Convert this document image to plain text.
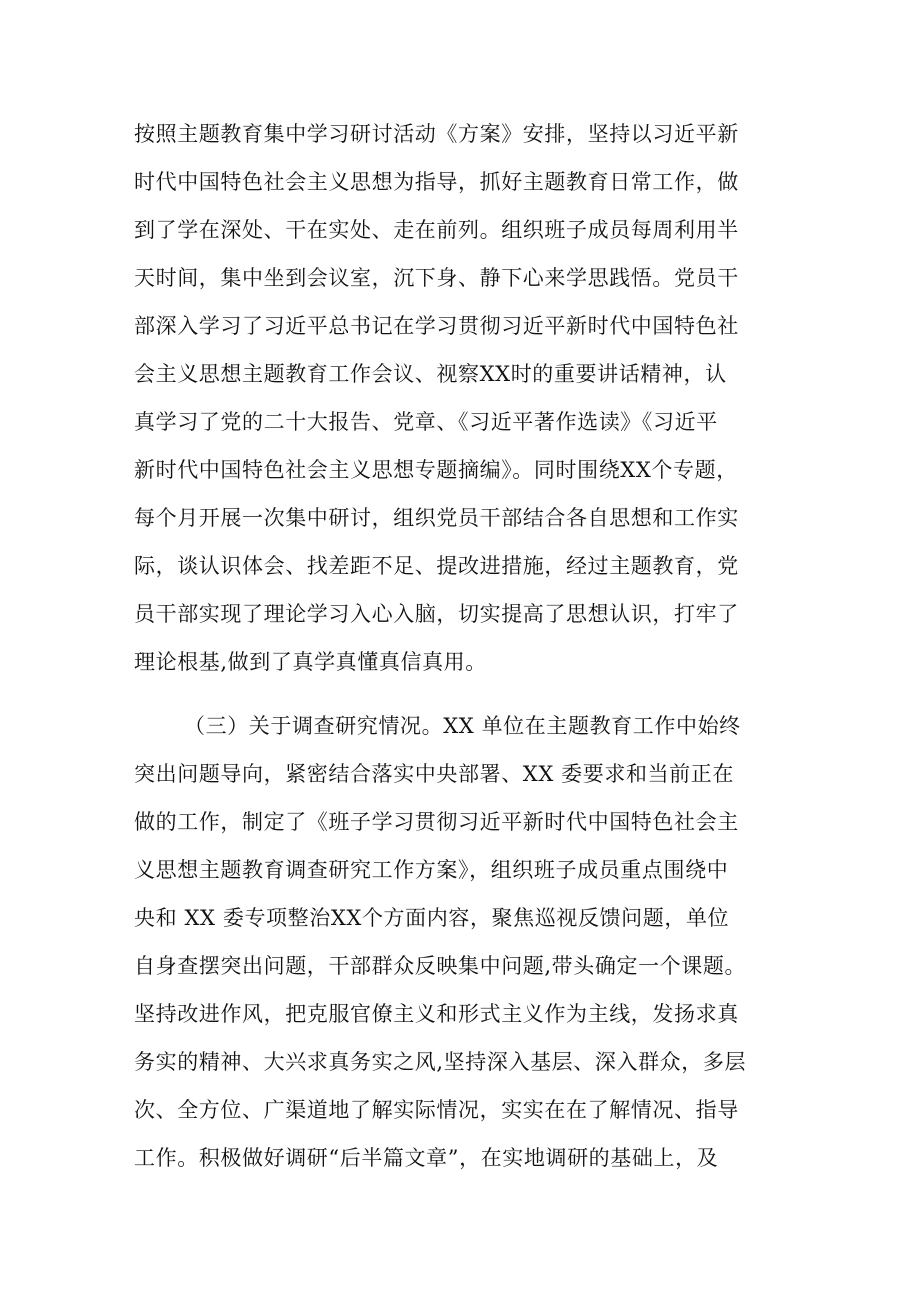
按照主题教育集中学习研讨活动《方案》安排，坚持以习近平新
时代中国特色社会主义思想为指导，抓好主题教育日常工作，做
到了学在深处、干在实处、走在前列。组织班子成员每周利用半
天时间，集中坐到会议室，沉下身、静下心来学思践悟。党员干
部深入学习了习近平总书记在学习贯彻习近平新时代中国特色社
会主义思想主题教育工作会议、视察XX时的重要讲话精神，认
真学习了党的二十大报告、党章、《习近平著作选读》《习近平
新时代中国特色社会主义思想专题摘编》。同时围绕XX个专题，
每个月开展一次集中研讨，组织党员干部结合各自思想和工作实
际，谈认识体会、找差距不足、提改进措施，经过主题教育，党
员干部实现了理论学习入心入脑，切实提高了思想认识，打牢了
理论根基,做到了真学真懂真信真用。
（三）关于调查研究情况。XX 单位在主题教育工作中始终
突出问题导向，紧密结合落实中央部署、XX 委要求和当前正在
做的工作，制定了《班子学习贯彻习近平新时代中国特色社会主
义思想主题教育调查研究工作方案》，组织班子成员重点围绕中
央和 XX 委专项整治XX个方面内容，聚焦巡视反馈问题，单位
自身查摆突出问题，干部群众反映集中问题,带头确定一个课题。
坚持改进作风，把克服官僚主义和形式主义作为主线，发扬求真
务实的精神、大兴求真务实之风,坚持深入基层、深入群众，多层
次、全方位、广渠道地了解实际情况，实实在在了解情况、指导
工作。积极做好调研“后半篇文章”，在实地调研的基础上，及
